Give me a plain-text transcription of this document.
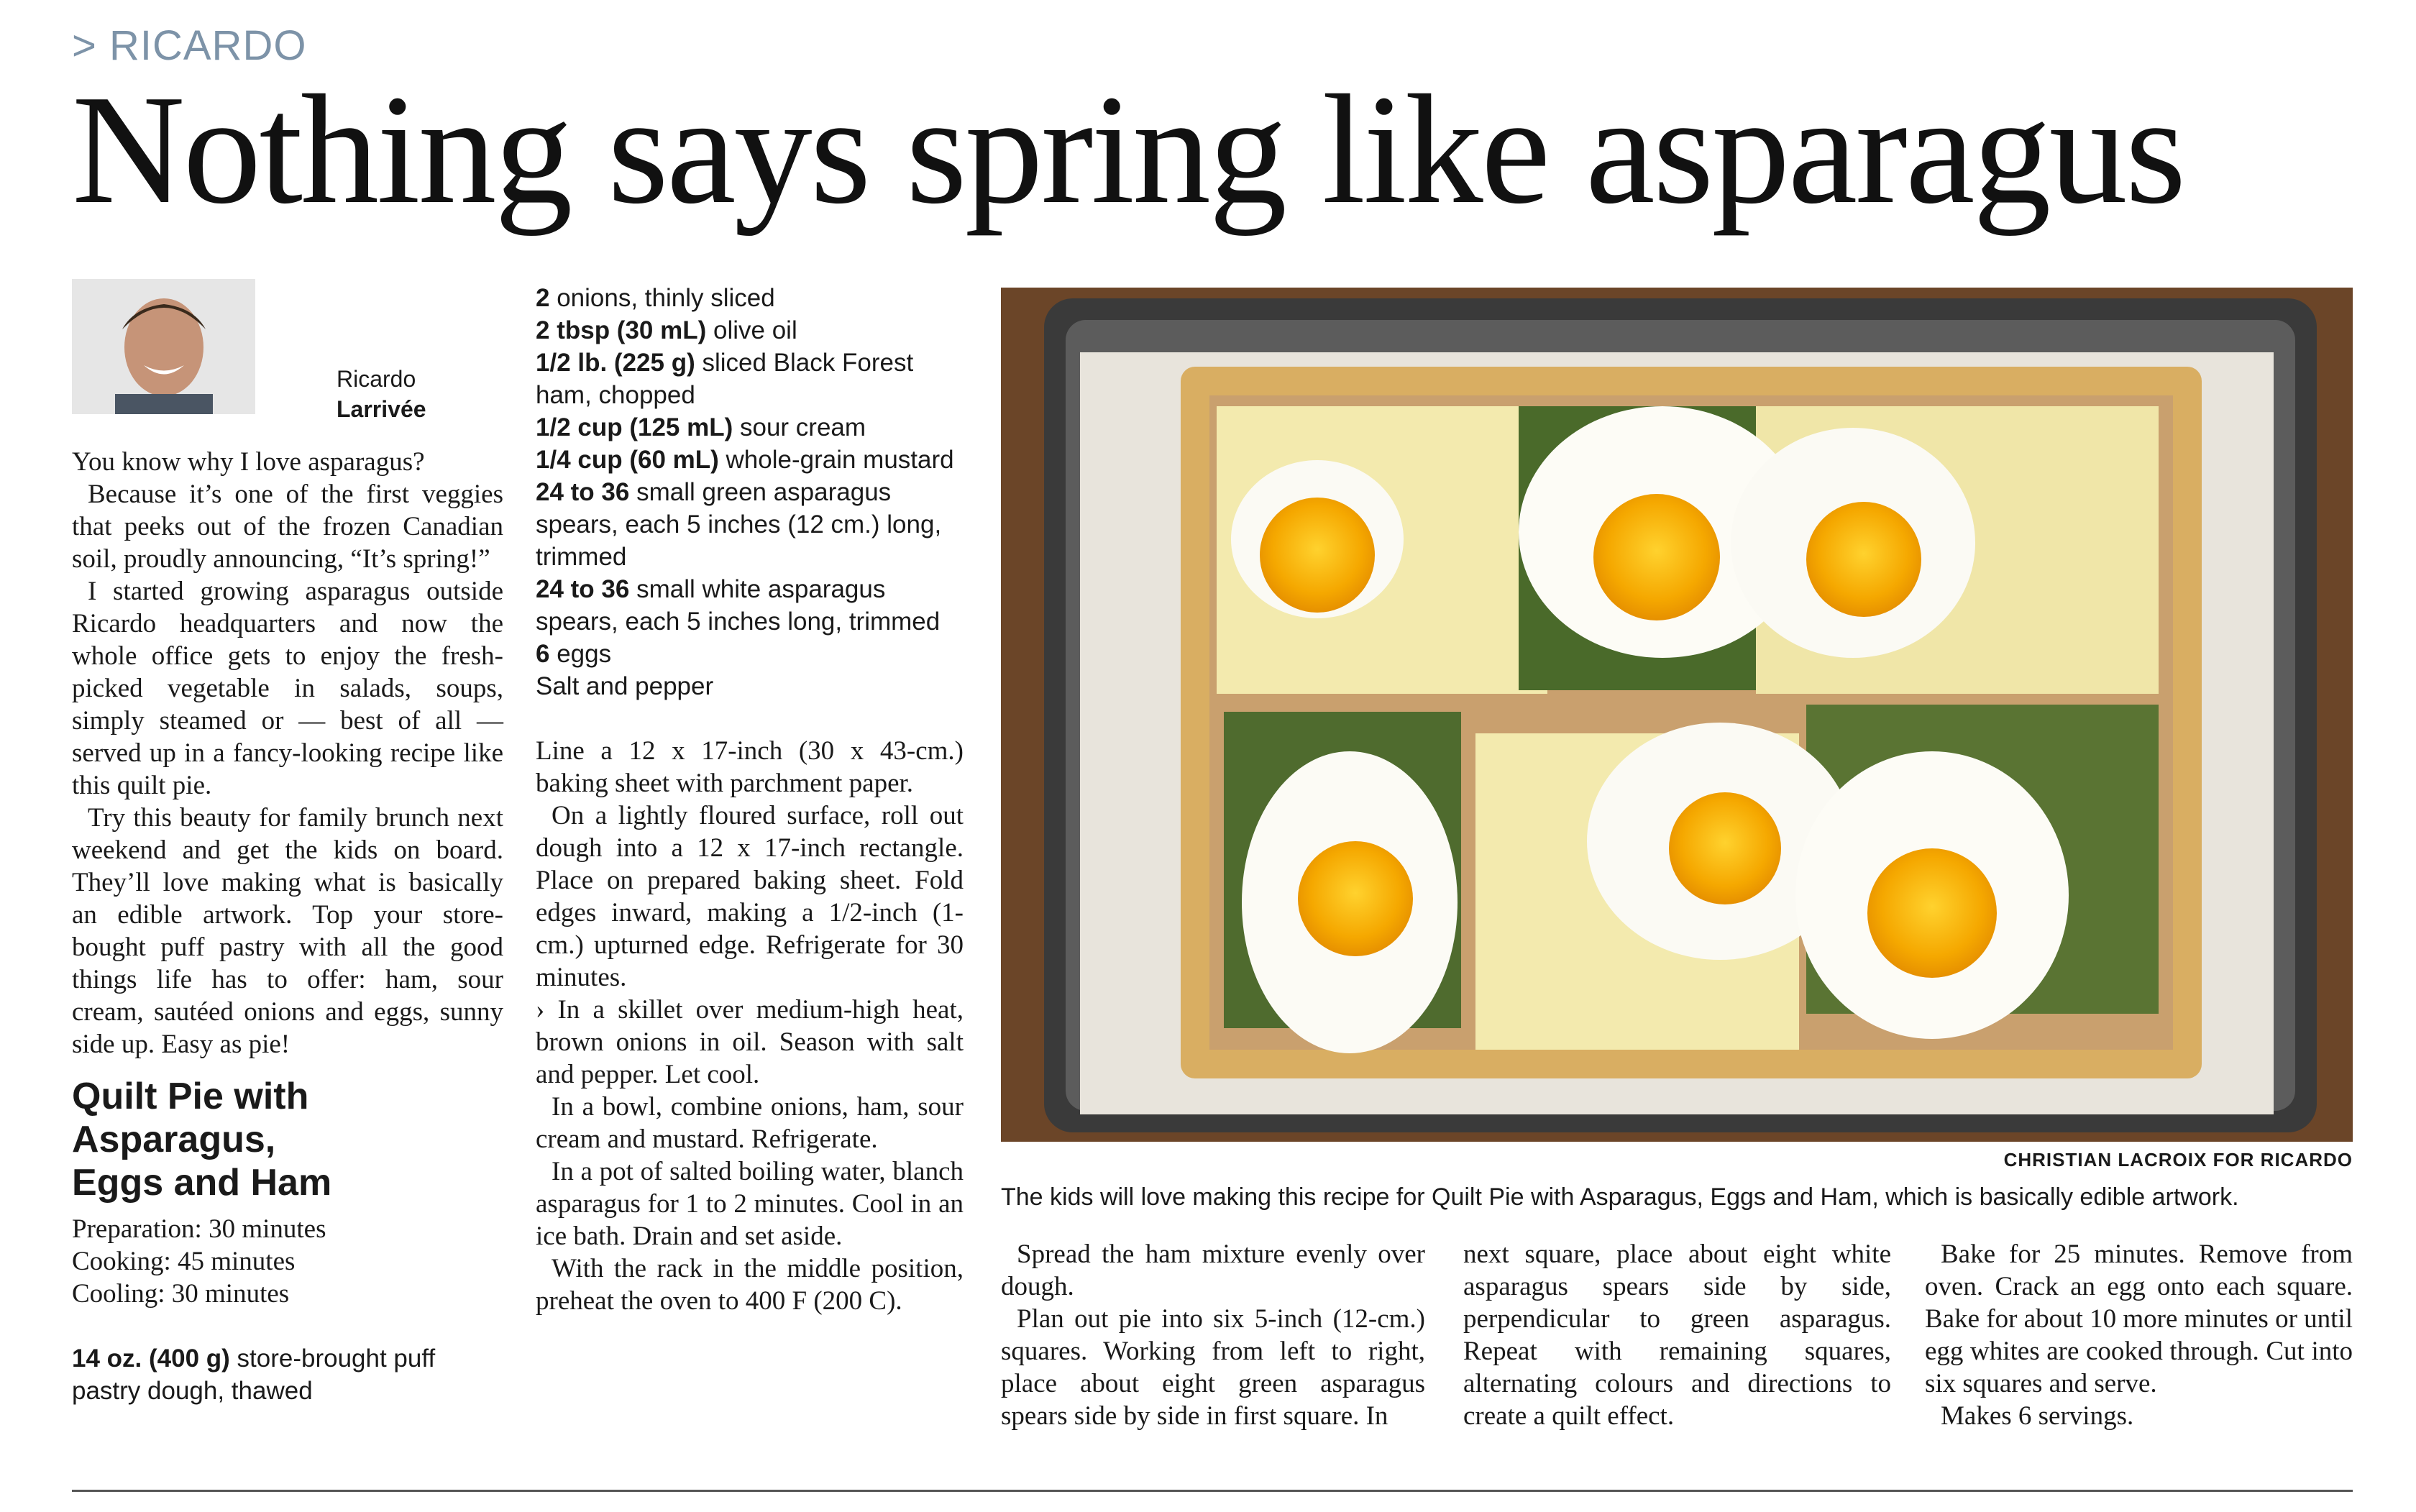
> RICARDO
Nothing says spring like asparagus
Ricardo
Larrivée

You know why I love asparagus?

Because it’s one of the first veggies that peeks out of the frozen Canadian soil, proudly announcing, “It’s spring!”

I started growing asparagus outside Ricardo headquarters and now the whole office gets to enjoy the fresh-picked vegetable in salads, soups, simply steamed or — best of all — served up in a fancy-looking recipe like this quilt pie.

Try this beauty for family brunch next weekend and get the kids on board. They’ll love making what is basically an edible artwork. Top your store-bought puff pastry with all the good things life has to offer: ham, sour cream, sautéed onions and eggs, sunny side up. Easy as pie!

Quilt Pie with
Asparagus,
Eggs and Ham

Preparation: 30 minutes

Cooking: 45 minutes

Cooling: 30 minutes

14 oz. (400 g) store-brought puff pastry dough, thawed

2 onions, thinly sliced

2 tbsp (30 mL) olive oil

1/2 lb. (225 g) sliced Black Forest ham, chopped

1/2 cup (125 mL) sour cream

1/4 cup (60 mL) whole-grain mustard

24 to 36 small green asparagus spears, each 5 inches (12 cm.) long, trimmed

24 to 36 small white asparagus spears, each 5 inches long, trimmed

6 eggs

Salt and pepper

Line a 12 x 17-inch (30 x 43-cm.) baking sheet with parchment paper.

On a lightly floured surface, roll out dough into a 12 x 17-inch rectangle. Place on prepared baking sheet. Fold edges inward, making a 1/2-inch (1-cm.) upturned edge. Refrigerate for 30 minutes.

› In a skillet over medium-high heat, brown onions in oil. Season with salt and pepper. Let cool.

In a bowl, combine onions, ham, sour cream and mustard. Refrigerate.

In a pot of salted boiling water, blanch asparagus for 1 to 2 minutes. Cool in an ice bath. Drain and set aside.

With the rack in the middle position, preheat the oven to 400 F (200 C).

CHRISTIAN LACROIX FOR RICARDO
The kids will love making this recipe for Quilt Pie with Asparagus, Eggs and Ham, which is basically edible artwork.

Spread the ham mixture evenly over dough.

Plan out pie into six 5-inch (12-cm.) squares. Working from left to right, place about eight green asparagus spears side by side in first square. In

next square, place about eight white asparagus spears side by side, perpendicular to green asparagus. Repeat with remaining squares, alternating colours and directions to create a quilt effect.

Bake for 25 minutes. Remove from oven. Crack an egg onto each square. Bake for about 10 more minutes or until egg whites are cooked through. Cut into six squares and serve.

Makes 6 servings.
